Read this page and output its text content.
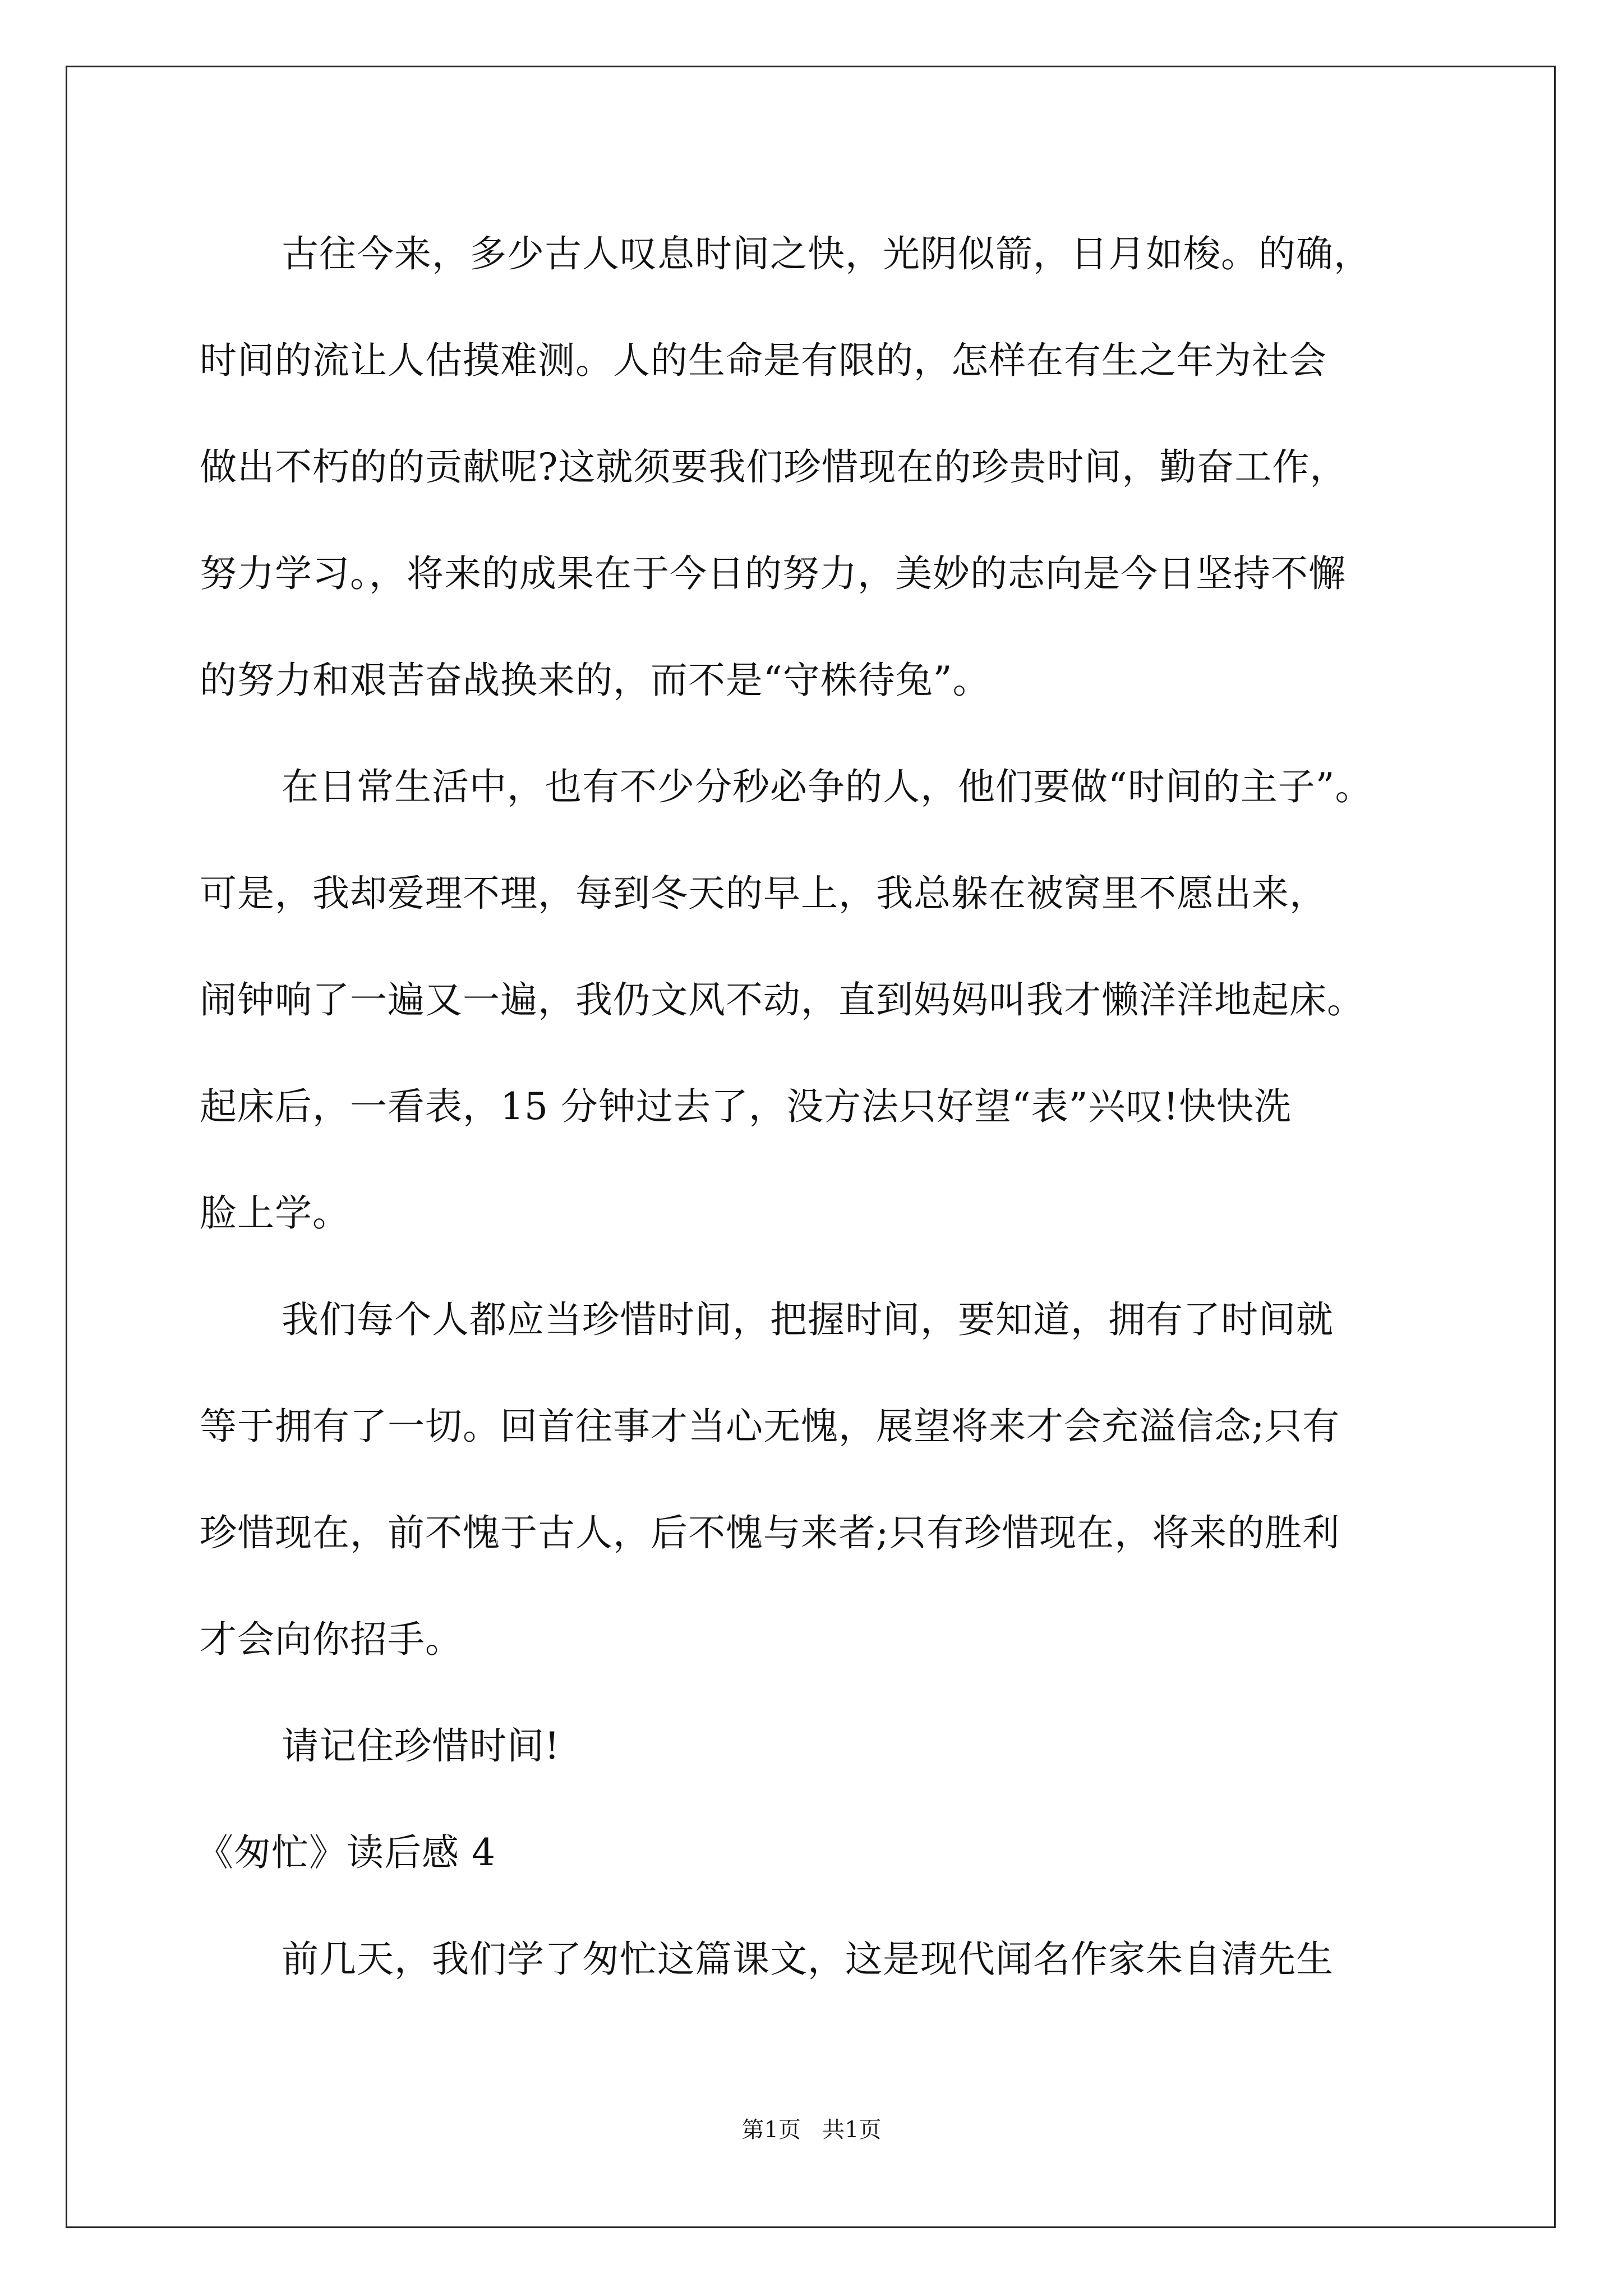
古往今来，多少古人叹息时间之快，光阴似箭，日月如梭。的确，
时间的流让人估摸难测。人的生命是有限的，怎样在有生之年为社会
做出不朽的的贡献呢?这就须要我们珍惜现在的珍贵时间，勤奋工作，
努力学习。，将来的成果在于今日的努力，美妙的志向是今日坚持不懈
的努力和艰苦奋战换来的，而不是“守株待兔”。
在日常生活中，也有不少分秒必争的人，他们要做“时间的主子”。
可是，我却爱理不理，每到冬天的早上，我总躲在被窝里不愿出来，
闹钟响了一遍又一遍，我仍文风不动，直到妈妈叫我才懒洋洋地起床。
起床后，一看表，15 分钟过去了，没方法只好望“表”兴叹!快快洗
脸上学。
我们每个人都应当珍惜时间，把握时间，要知道，拥有了时间就
等于拥有了一切。回首往事才当心无愧，展望将来才会充溢信念;只有
珍惜现在，前不愧于古人，后不愧与来者;只有珍惜现在，将来的胜利
才会向你招手。
请记住珍惜时间!
《匆忙》读后感 4
前几天，我们学了匆忙这篇课文，这是现代闻名作家朱自清先生
第1页   共1页
